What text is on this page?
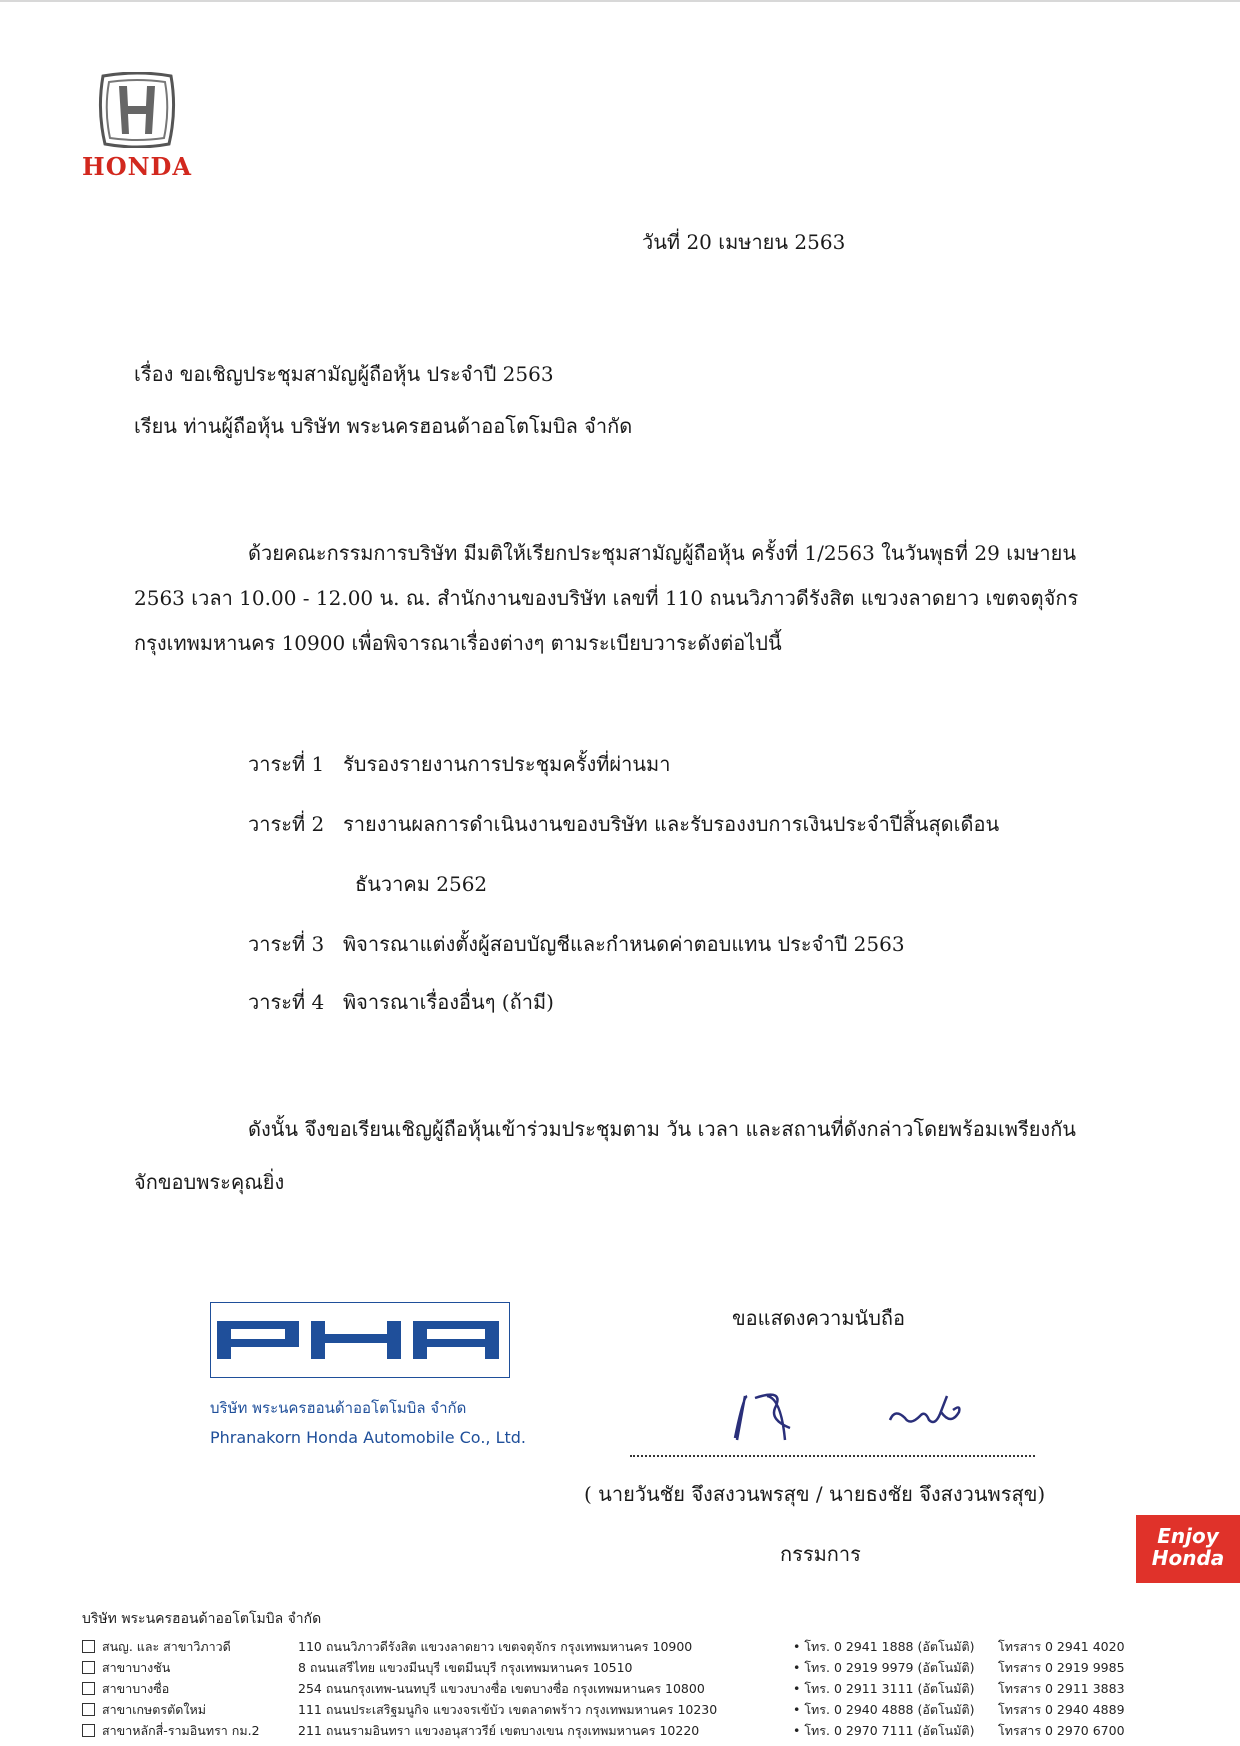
HONDA
วันที่ 20 เมษายน 2563
เรื่อง ขอเชิญประชุมสามัญผู้ถือหุ้น ประจำปี 2563
เรียน ท่านผู้ถือหุ้น บริษัท พระนครฮอนด้าออโตโมบิล จำกัด
ด้วยคณะกรรมการบริษัท มีมติให้เรียกประชุมสามัญผู้ถือหุ้น ครั้งที่ 1/2563 ในวันพุธที่ 29 เมษายน
2563 เวลา 10.00 - 12.00 น. ณ. สำนักงานของบริษัท เลขที่ 110 ถนนวิภาวดีรังสิต แขวงลาดยาว เขตจตุจักร
กรุงเทพมหานคร 10900 เพื่อพิจารณาเรื่องต่างๆ ตามระเบียบวาระดังต่อไปนี้
วาระที่ 1 รับรองรายงานการประชุมครั้งที่ผ่านมา
วาระที่ 2 รายงานผลการดำเนินงานของบริษัท และรับรองงบการเงินประจำปีสิ้นสุดเดือน
ธันวาคม 2562
วาระที่ 3 พิจารณาแต่งตั้งผู้สอบบัญชีและกำหนดค่าตอบแทน ประจำปี 2563
วาระที่ 4 พิจารณาเรื่องอื่นๆ (ถ้ามี)
ดังนั้น จึงขอเรียนเชิญผู้ถือหุ้นเข้าร่วมประชุมตาม วัน เวลา และสถานที่ดังกล่าวโดยพร้อมเพรียงกัน
จักขอบพระคุณยิ่ง
บริษัท พระนครฮอนด้าออโตโมบิล จำกัด
Phranakorn Honda Automobile Co., Ltd.
ขอแสดงความนับถือ
( นายวันชัย จึงสงวนพรสุข / นายธงชัย จึงสงวนพรสุข)
กรรมการ
Enjoy
Honda
บริษัท พระนครฮอนด้าออโตโมบิล จำกัด
สนญ. และ สาขาวิภาวดี	110 ถนนวิภาวดีรังสิต แขวงลาดยาว เขตจตุจักร กรุงเทพมหานคร 10900	• โทร. 0 2941 1888 (อัตโนมัติ)	โทรสาร 0 2941 4020
สาขาบางชัน	8 ถนนเสรีไทย แขวงมีนบุรี เขตมีนบุรี กรุงเทพมหานคร 10510	• โทร. 0 2919 9979 (อัตโนมัติ)	โทรสาร 0 2919 9985
สาขาบางซื่อ	254 ถนนกรุงเทพ-นนทบุรี แขวงบางซื่อ เขตบางซื่อ กรุงเทพมหานคร 10800	• โทร. 0 2911 3111 (อัตโนมัติ)	โทรสาร 0 2911 3883
สาขาเกษตรตัดใหม่	111 ถนนประเสริฐมนูกิจ แขวงจรเข้บัว เขตลาดพร้าว กรุงเทพมหานคร 10230	• โทร. 0 2940 4888 (อัตโนมัติ)	โทรสาร 0 2940 4889
สาขาหลักสี่-รามอินทรา กม.2	211 ถนนรามอินทรา แขวงอนุสาวรีย์ เขตบางเขน กรุงเทพมหานคร 10220	• โทร. 0 2970 7111 (อัตโนมัติ)	โทรสาร 0 2970 6700
